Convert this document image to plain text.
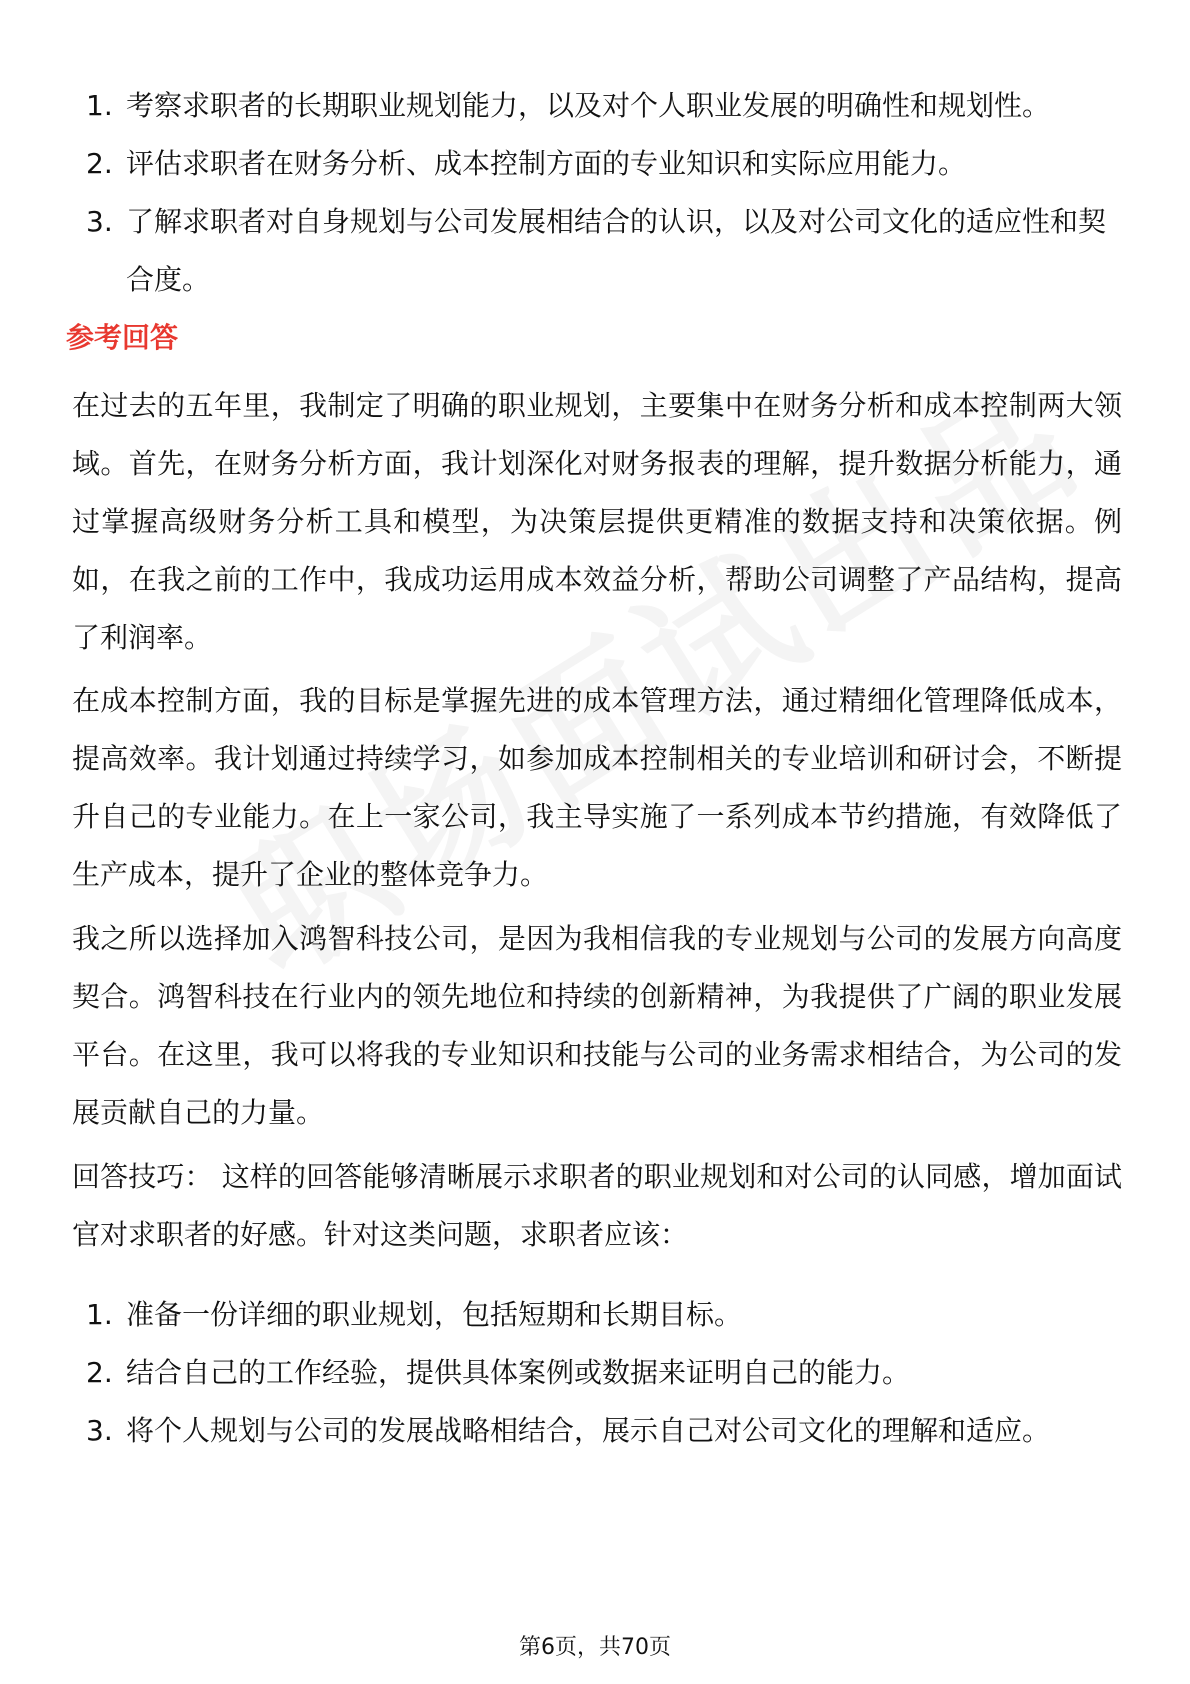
1. 考察求职者的长期职业规划能力，以及对个人职业发展的明确性和规划性。
2. 评估求职者在财务分析、成本控制方面的专业知识和实际应用能力。
3. 了解求职者对自身规划与公司发展相结合的认识，以及对公司文化的适应性和契合度。
参考回答

在过去的五年里，我制定了明确的职业规划，主要集中在财务分析和成本控制两大领域。首先，在财务分析方面，我计划深化对财务报表的理解，提升数据分析能力，通过掌握高级财务分析工具和模型，为决策层提供更精准的数据支持和决策依据。例如，在我之前的工作中，我成功运用成本效益分析，帮助公司调整了产品结构，提高了利润率。

在成本控制方面，我的目标是掌握先进的成本管理方法，通过精细化管理降低成本，提高效率。我计划通过持续学习，如参加成本控制相关的专业培训和研讨会，不断提升自己的专业能力。在上一家公司，我主导实施了一系列成本节约措施，有效降低了生产成本，提升了企业的整体竞争力。

我之所以选择加入鸿智科技公司，是因为我相信我的专业规划与公司的发展方向高度契合。鸿智科技在行业内的领先地位和持续的创新精神，为我提供了广阔的职业发展平台。在这里，我可以将我的专业知识和技能与公司的业务需求相结合，为公司的发展贡献自己的力量。

回答技巧： 这样的回答能够清晰展示求职者的职业规划和对公司的认同感，增加面试官对求职者的好感。针对这类问题，求职者应该：

1. 准备一份详细的职业规划，包括短期和长期目标。
2. 结合自己的工作经验，提供具体案例或数据来证明自己的能力。
3. 将个人规划与公司的发展战略相结合，展示自己对公司文化的理解和适应。
第6页，共70页
